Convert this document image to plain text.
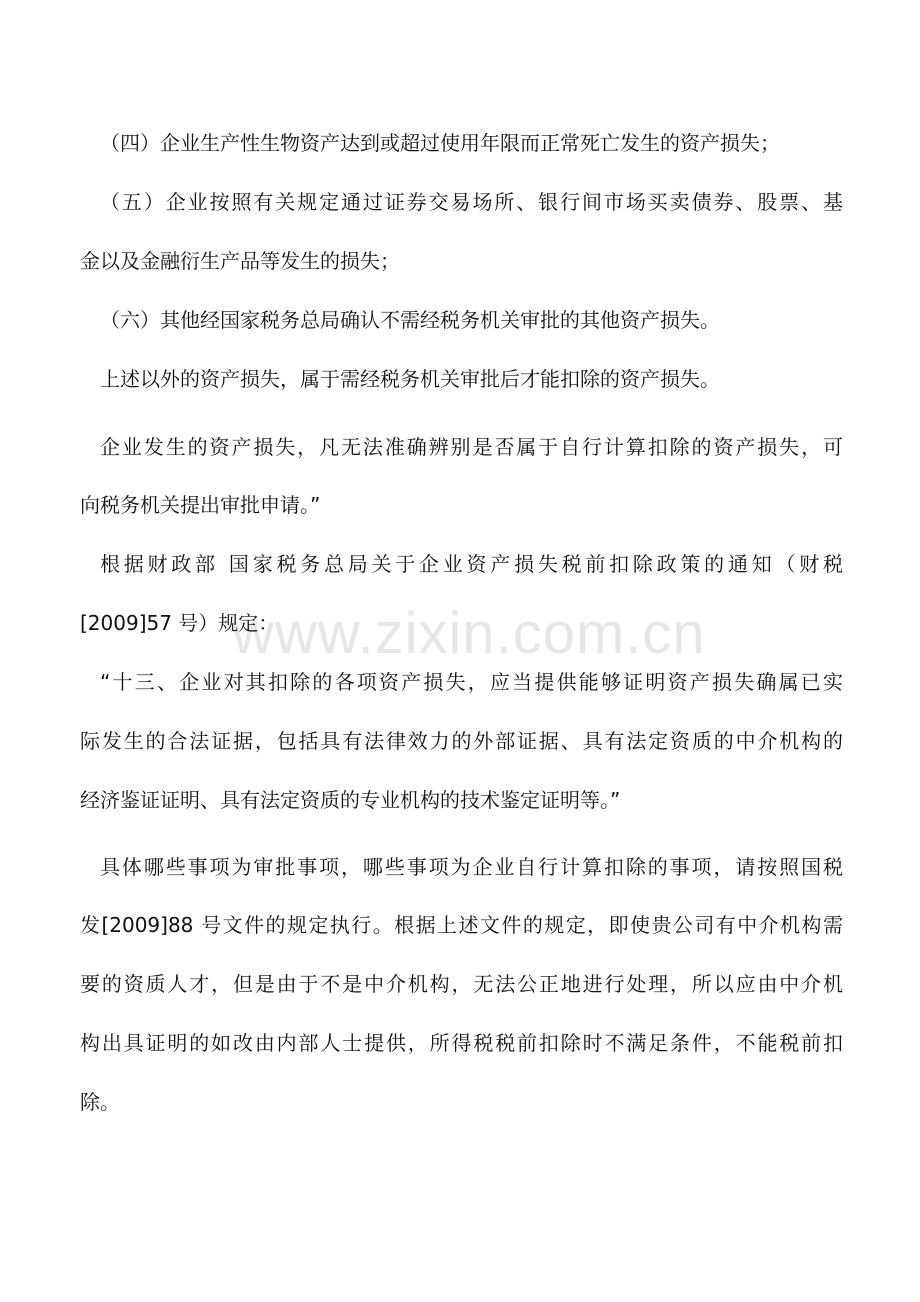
www.zixin.com.cn
（四）企业生产性生物资产达到或超过使用年限而正常死亡发生的资产损失；
（五）企业按照有关规定通过证券交易场所、银行间市场买卖债券、股票、基
金以及金融衍生产品等发生的损失；
（六）其他经国家税务总局确认不需经税务机关审批的其他资产损失。
上述以外的资产损失，属于需经税务机关审批后才能扣除的资产损失。
企业发生的资产损失，凡无法准确辨别是否属于自行计算扣除的资产损失，可
向税务机关提出审批申请。”
根据财政部 国家税务总局关于企业资产损失税前扣除政策的通知（财税
[2009]57 号）规定：
“十三、企业对其扣除的各项资产损失，应当提供能够证明资产损失确属已实
际发生的合法证据，包括具有法律效力的外部证据、具有法定资质的中介机构的
经济鉴证证明、具有法定资质的专业机构的技术鉴定证明等。”
具体哪些事项为审批事项，哪些事项为企业自行计算扣除的事项，请按照国税
发[2009]88 号文件的规定执行。根据上述文件的规定，即使贵公司有中介机构需
要的资质人才，但是由于不是中介机构，无法公正地进行处理，所以应由中介机
构出具证明的如改由内部人士提供，所得税税前扣除时不满足条件，不能税前扣
除。
